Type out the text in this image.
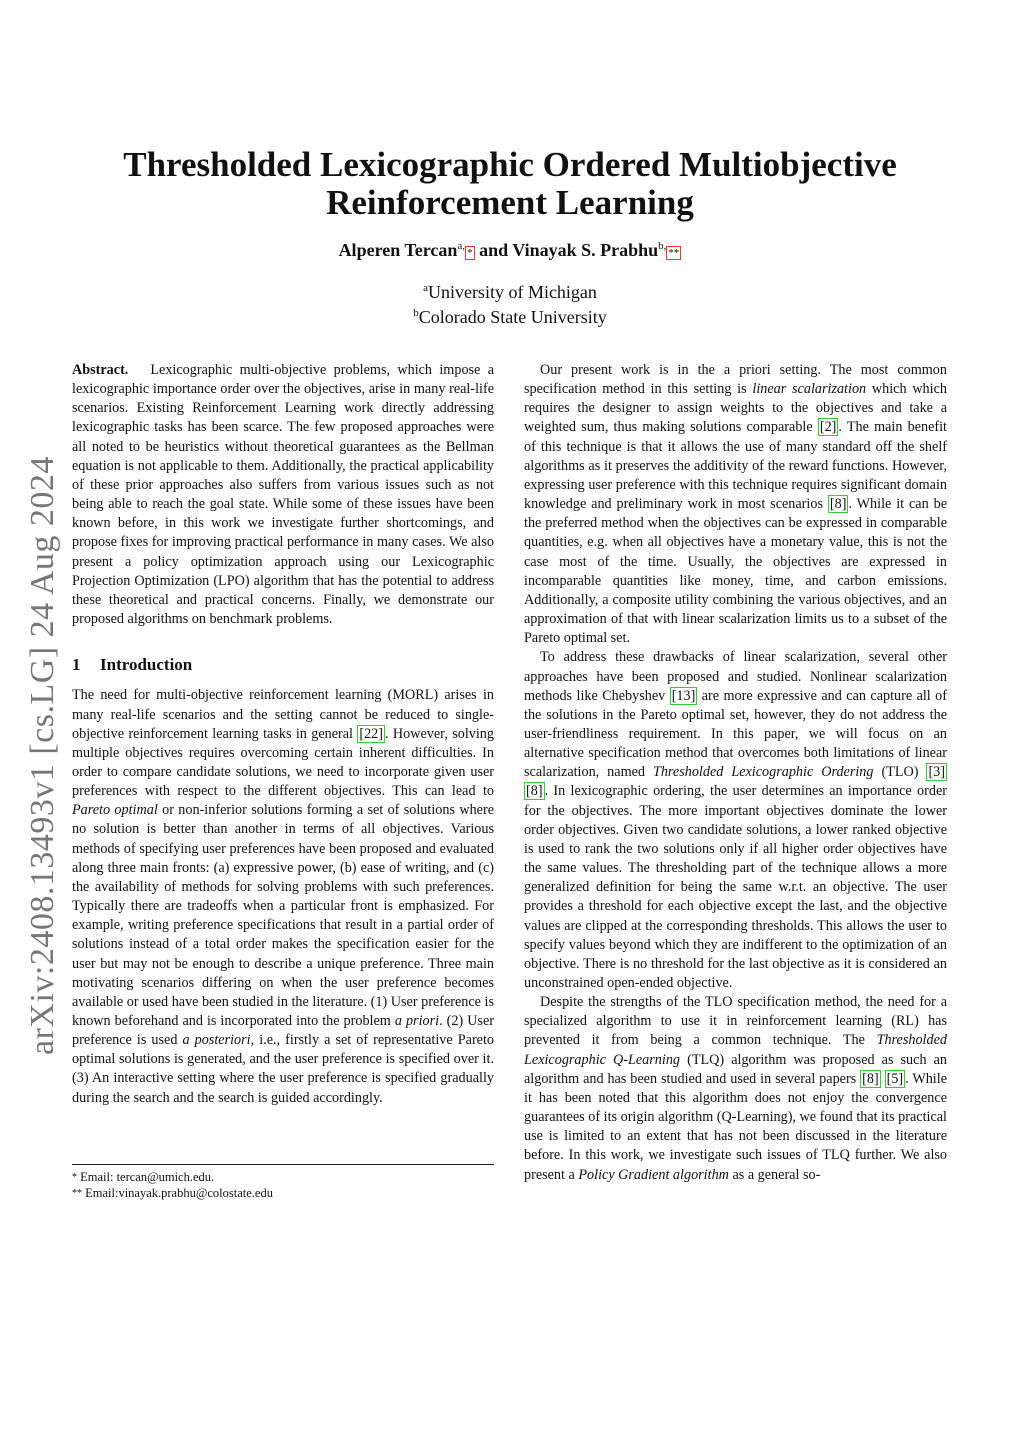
arXiv:2408.13493v1 [cs.LG] 24 Aug 2024
Thresholded Lexicographic Ordered Multiobjective
Reinforcement Learning
Alperen Tercan$^{a,}$* and Vinayak S. Prabhu$^{b,}$**
$^a$University of Michigan
$^b$Colorado State University

Abstract. Lexicographic multi-objective problems, which impose a lexicographic importance order over the objectives, arise in many real-life scenarios. Existing Reinforcement Learning work directly addressing lexicographic tasks has been scarce. The few proposed approaches were all noted to be heuristics without theoretical guarantees as the Bellman equation is not applicable to them. Additionally, the practical applicability of these prior approaches also suffers from various issues such as not being able to reach the goal state. While some of these issues have been known before, in this work we investigate further shortcomings, and propose fixes for improving practical performance in many cases. We also present a policy optimization approach using our Lexicographic Projection Optimization (LPO) algorithm that has the potential to address these theoretical and practical concerns. Finally, we demonstrate our proposed algorithms on benchmark problems.

1 Introduction

The need for multi-objective reinforcement learning (MORL) arises in many real-life scenarios and the setting cannot be reduced to single-objective reinforcement learning tasks in general [22] . However, solving multiple objectives requires overcoming certain inherent difficulties. In order to compare candidate solutions, we need to incorporate given user preferences with respect to the different objectives. This can lead to Pareto optimal or non-inferior solutions forming a set of solutions where no solution is better than another in terms of all objectives. Various methods of specifying user preferences have been proposed and evaluated along three main fronts: (a) expressive power, (b) ease of writing, and (c) the availability of methods for solving problems with such preferences. Typically there are tradeoffs when a particular front is emphasized. For example, writing preference specifications that result in a partial order of solutions instead of a total order makes the specification easier for the user but may not be enough to describe a unique preference. Three main motivating scenarios differing on when the user preference becomes available or used have been studied in the literature. (1) User preference is known beforehand and is incorporated into the problem a priori. (2) User preference is used a posteriori, i.e., firstly a set of representative Pareto optimal solutions is generated, and the user preference is specified over it. (3) An interactive setting where the user preference is specified gradually during the search and the search is guided accordingly.

* Email: tercan@umich.edu.
** Email:vinayak.prabhu@colostate.edu

Our present work is in the a priori setting. The most common specification method in this setting is linear scalarization which which requires the designer to assign weights to the objectives and take a weighted sum, thus making solutions comparable [2] . The main benefit of this technique is that it allows the use of many standard off the shelf algorithms as it preserves the additivity of the reward functions. However, expressing user preference with this technique requires significant domain knowledge and preliminary work in most scenarios [8] . While it can be the preferred method when the objectives can be expressed in comparable quantities, e.g. when all objectives have a monetary value, this is not the case most of the time. Usually, the objectives are expressed in incomparable quantities like money, time, and carbon emissions. Additionally, a composite utility combining the various objectives, and an approximation of that with linear scalarization limits us to a subset of the Pareto optimal set.

To address these drawbacks of linear scalarization, several other approaches have been proposed and studied. Nonlinear scalarization methods like Chebyshev [13] are more expressive and can capture all of the solutions in the Pareto optimal set, however, they do not address the user-friendliness requirement. In this paper, we will focus on an alternative specification method that overcomes both limitations of linear scalarization, named Thresholded Lexicographic Ordering (TLO) [3] [8] . In lexicographic ordering, the user determines an importance order for the objectives. The more important objectives dominate the lower order objectives. Given two candidate solutions, a lower ranked objective is used to rank the two solutions only if all higher order objectives have the same values. The thresholding part of the technique allows a more generalized definition for being the same w.r.t. an objective. The user provides a threshold for each objective except the last, and the objective values are clipped at the corresponding thresholds. This allows the user to specify values beyond which they are indifferent to the optimization of an objective. There is no threshold for the last objective as it is considered an unconstrained open-ended objective.

Despite the strengths of the TLO specification method, the need for a specialized algorithm to use it in reinforcement learning (RL) has prevented it from being a common technique. The Thresholded Lexicographic Q-Learning (TLQ) algorithm was proposed as such an algorithm and has been studied and used in several papers [8] [5] . While it has been noted that this algorithm does not enjoy the convergence guarantees of its origin algorithm (Q-Learning), we found that its practical use is limited to an extent that has not been discussed in the literature before. In this work, we investigate such issues of TLQ further. We also present a Policy Gradient algorithm as a general so-
